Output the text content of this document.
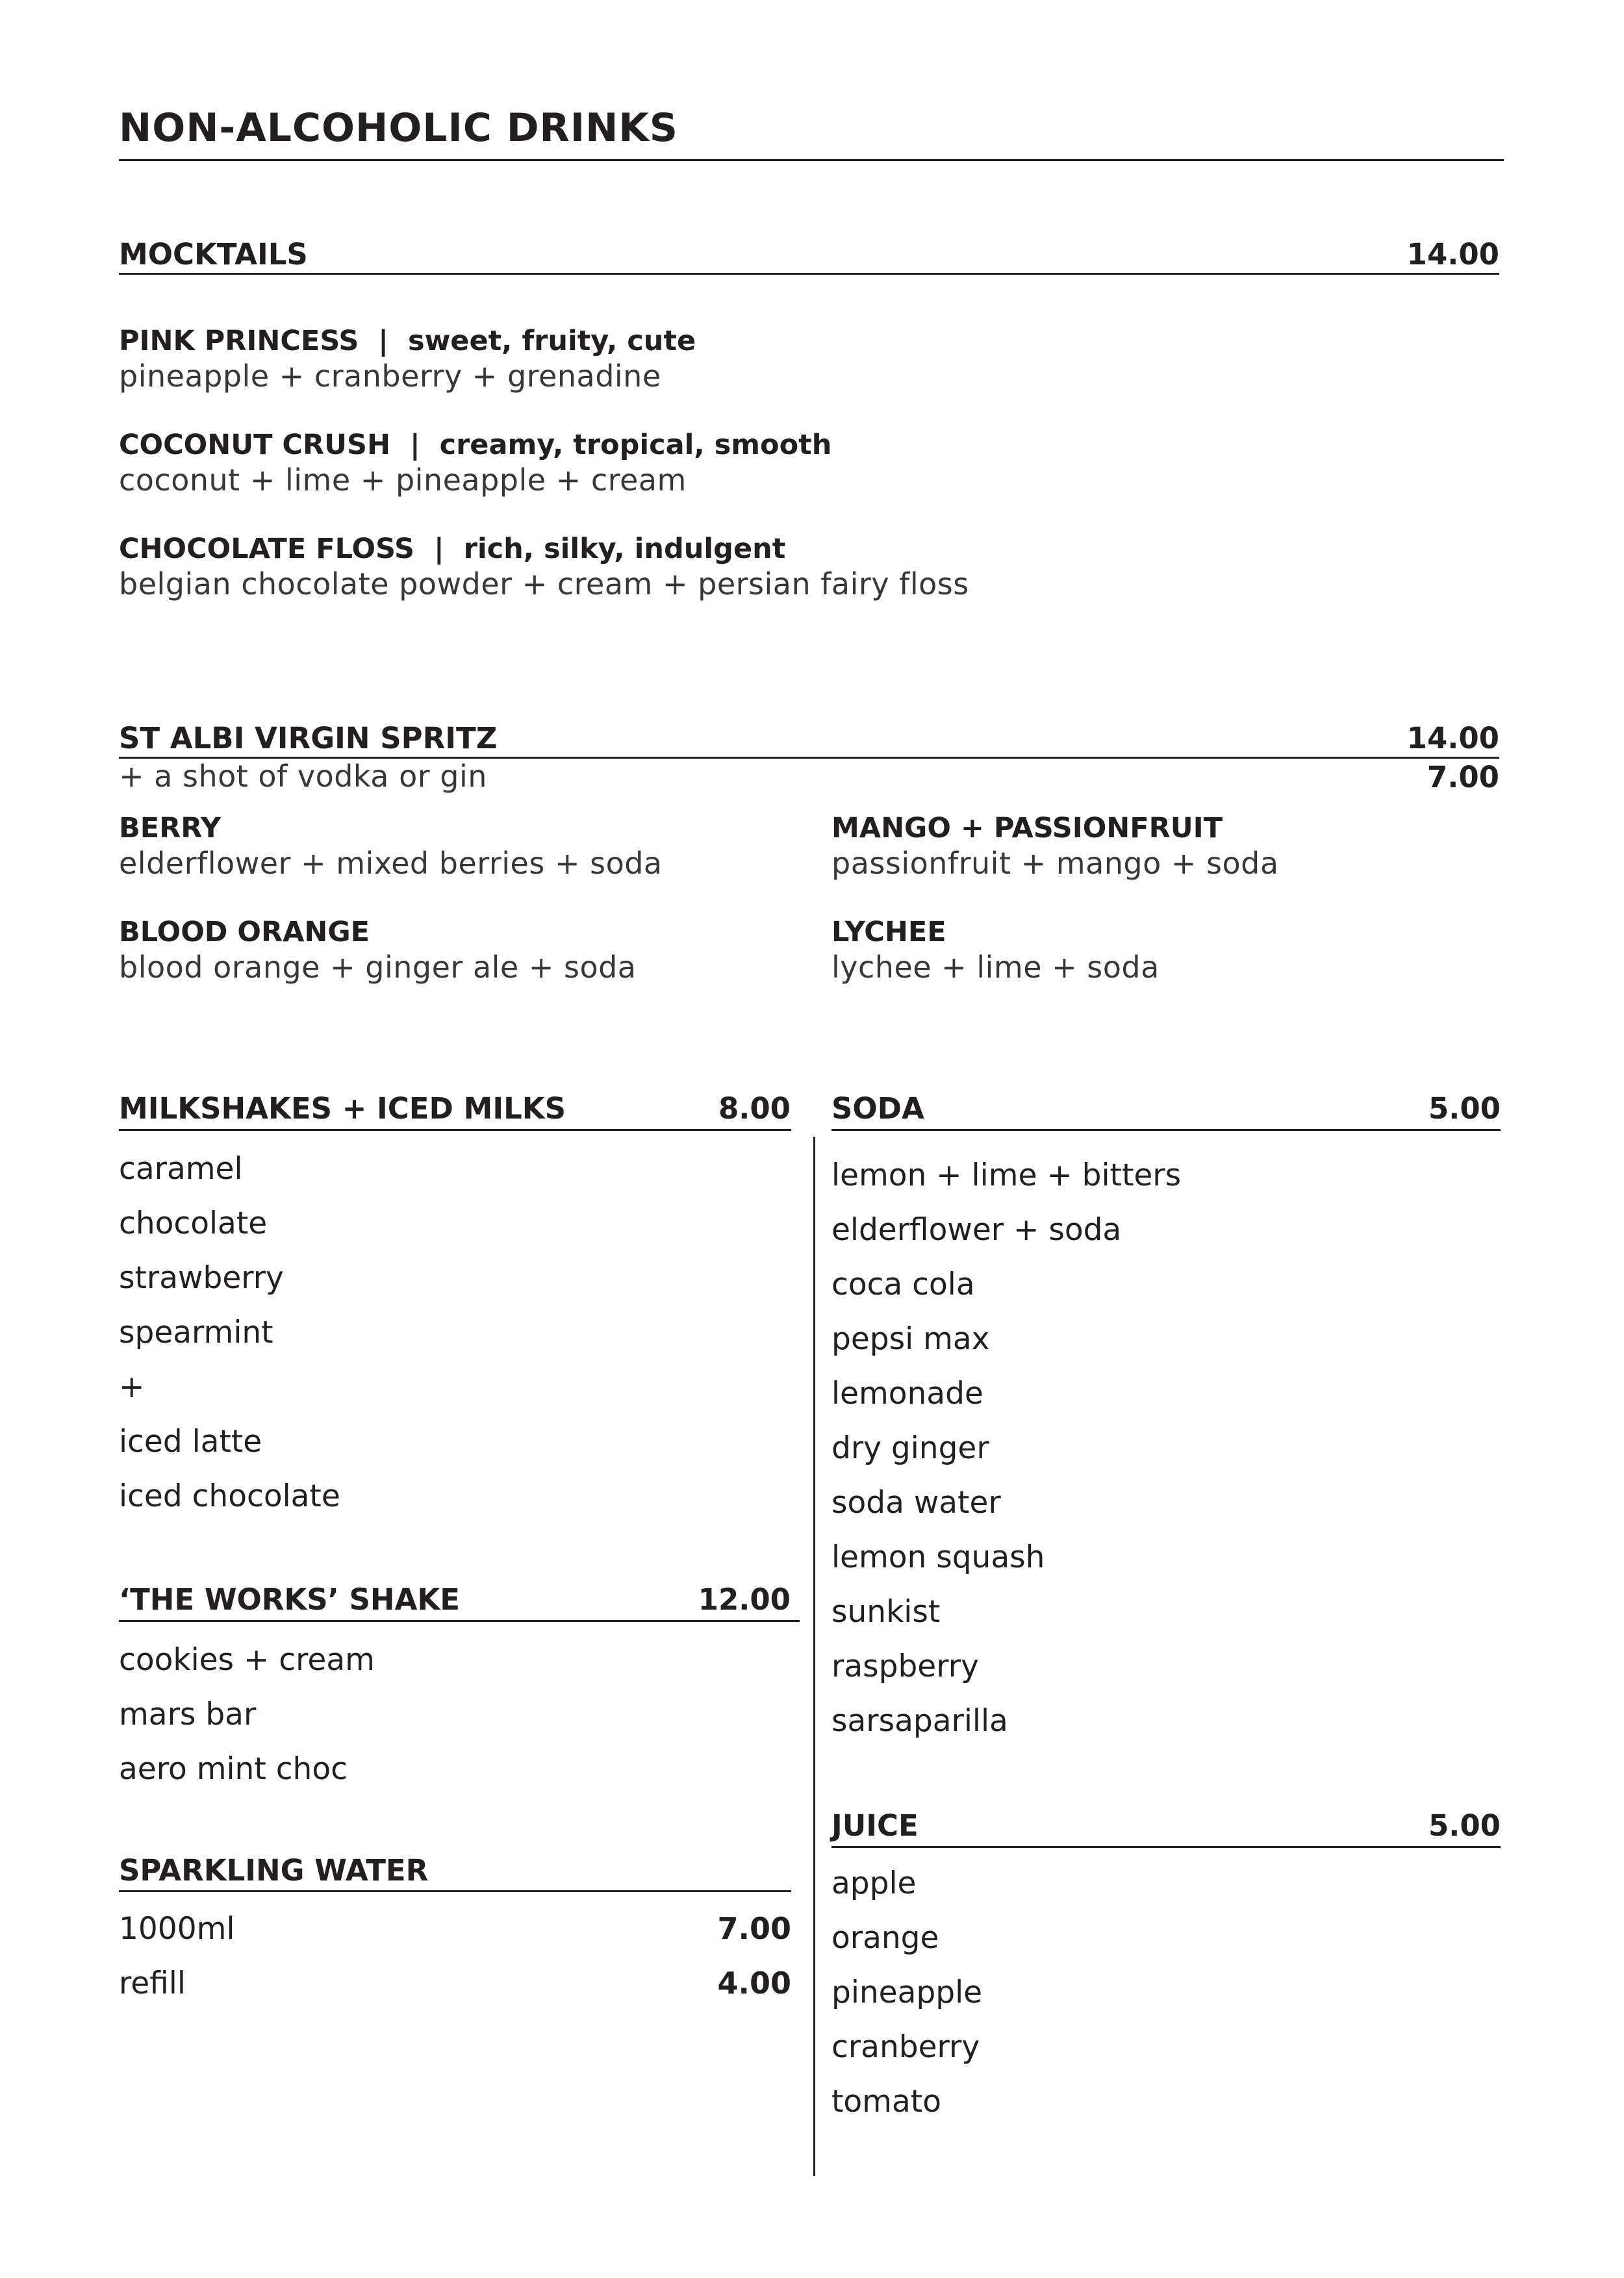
NON-ALCOHOLIC DRINKS
MOCKTAILS	14.00
PINK PRINCESS | sweet, fruity, cute
pineapple + cranberry + grenadine
COCONUT CRUSH | creamy, tropical, smooth
coconut + lime + pineapple + cream
CHOCOLATE FLOSS | rich, silky, indulgent
belgian chocolate powder + cream + persian fairy floss
ST ALBI VIRGIN SPRITZ	14.00
+ a shot of vodka or gin	7.00
BERRY
elderflower + mixed berries + soda
MANGO + PASSIONFRUIT
passionfruit + mango + soda
BLOOD ORANGE
blood orange + ginger ale + soda
LYCHEE
lychee + lime + soda
MILKSHAKES + ICED MILKS	8.00
caramel
chocolate
strawberry
spearmint
+
iced latte
iced chocolate
‘THE WORKS’ SHAKE	12.00
cookies + cream
mars bar
aero mint choc
SPARKLING WATER
1000ml	7.00
refill	4.00
SODA	5.00
lemon + lime + bitters
elderflower + soda
coca cola
pepsi max
lemonade
dry ginger
soda water
lemon squash
sunkist
raspberry
sarsaparilla
JUICE	5.00
apple
orange
pineapple
cranberry
tomato
